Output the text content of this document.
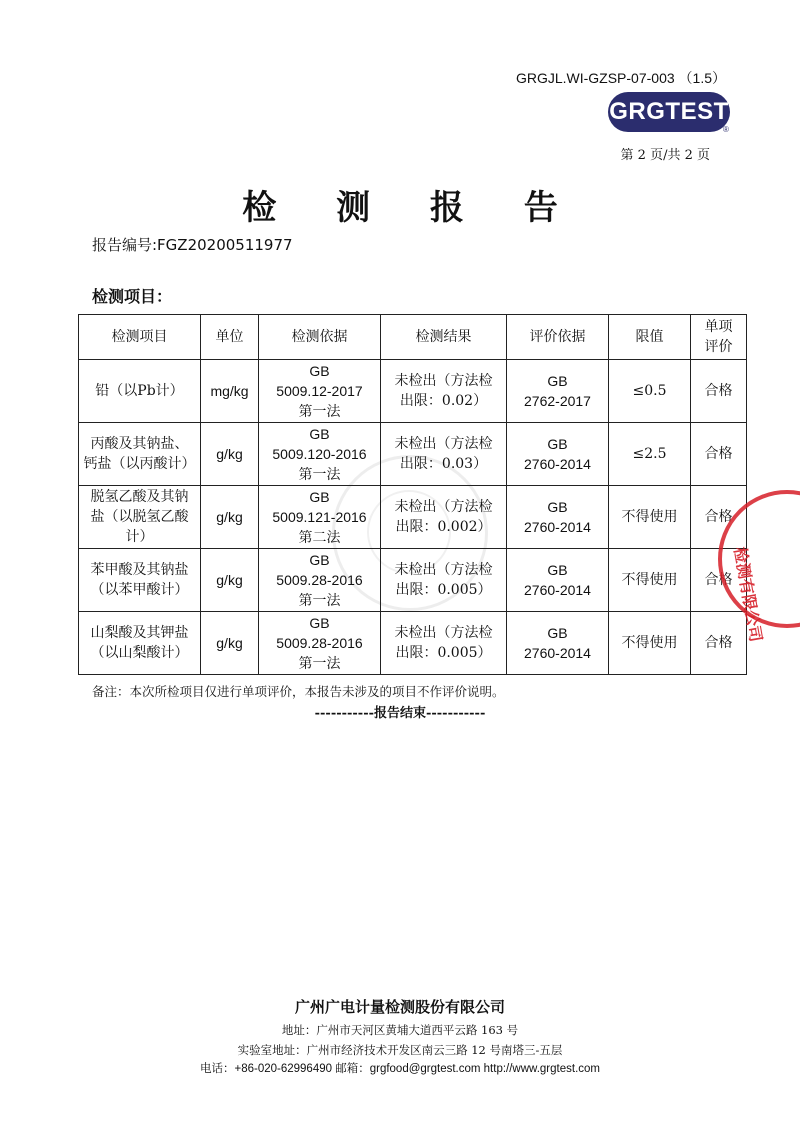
GRGJL.WI-GZSP-07-003 （1.5）
GRGTEST
®
第 2 页/共 2 页
检 测 报 告
报告编号:FGZ20200511977
检测项目：
检测项目	单位	检测依据	检测结果	评价依据	限值	单项
评价
铅（以Pb计）	mg/kg	GB
5009.12-2017
第一法	未检出（方法检
出限：0.02）	GB
2762-2017	≤0.5	合格
丙酸及其钠盐、
钙盐（以丙酸计）	g/kg	GB
5009.120-2016
第一法	未检出（方法检
出限：0.03）	GB
2760-2014	≤2.5	合格
脱氢乙酸及其钠
盐（以脱氢乙酸
计）	g/kg	GB
5009.121-2016
第二法	未检出（方法检
出限：0.002）	GB
2760-2014	不得使用	合格
苯甲酸及其钠盐
（以苯甲酸计）	g/kg	GB
5009.28-2016
第一法	未检出（方法检
出限：0.005）	GB
2760-2014	不得使用	合格
山梨酸及其钾盐
（以山梨酸计）	g/kg	GB
5009.28-2016
第一法	未检出（方法检
出限：0.005）	GB
2760-2014	不得使用	合格
检测有限公司
备注：本次所检项目仅进行单项评价，本报告未涉及的项目不作评价说明。
-----------报告结束-----------
广州广电计量检测股份有限公司
地址：广州市天河区黄埔大道西平云路 163 号
实验室地址：广州市经济技术开发区南云三路 12 号南塔三-五层
电话：+86-020-62996490 邮箱：grgfood@grgtest.com http://www.grgtest.com
